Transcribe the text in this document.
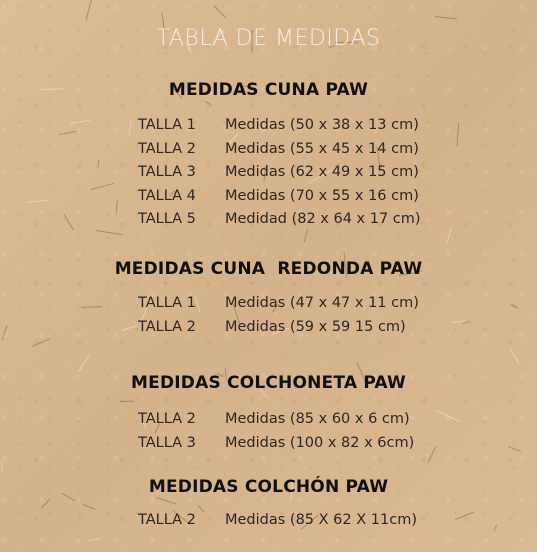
TABLA DE MEDIDAS
MEDIDAS CUNA PAW
TALLA 1	Medidas (50 x 38 x 13 cm)
TALLA 2	Medidas (55 x 45 x 14 cm)
TALLA 3	Medidas (62 x 49 x 15 cm)
TALLA 4	Medidas (70 x 55 x 16 cm)
TALLA 5	Medidad (82 x 64 x 17 cm)
MEDIDAS CUNA  REDONDA PAW
TALLA 1	Medidas (47 x 47 x 11 cm)
TALLA 2	Medidas (59 x 59 15 cm)
MEDIDAS COLCHONETA PAW
TALLA 2	Medidas (85 x 60 x 6 cm)
TALLA 3	Medidas (100 x 82 x 6cm)
MEDIDAS COLCHÓN PAW
TALLA 2	Medidas (85 X 62 X 11cm)
